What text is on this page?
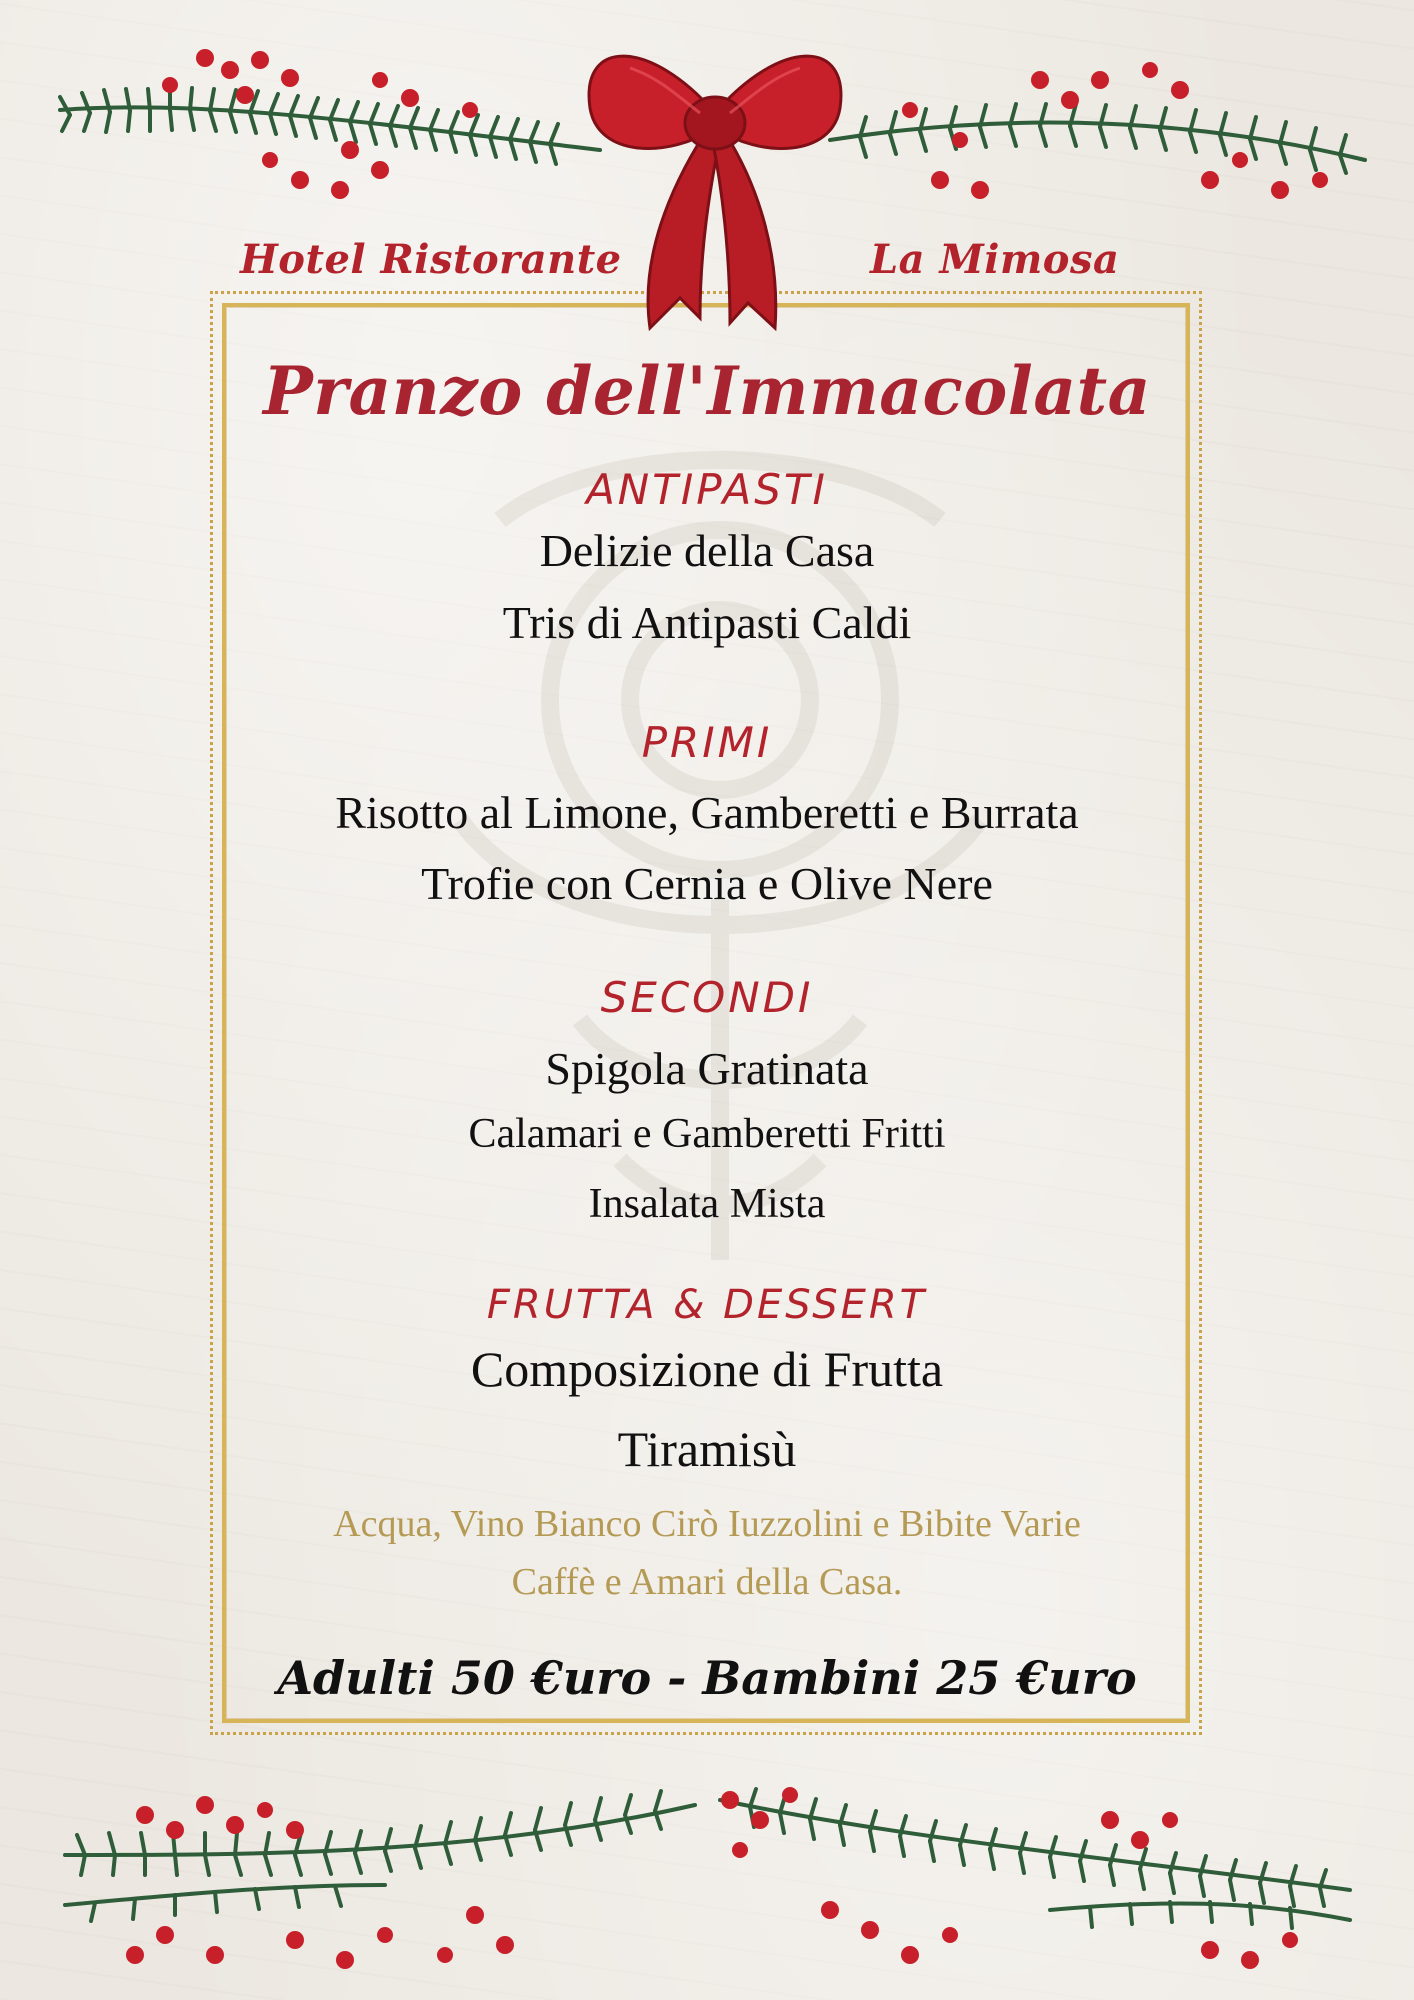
Hotel Ristorante	La Mimosa
Pranzo dell'Immacolata
ANTIPASTI
Delizie della Casa
Tris di Antipasti Caldi
PRIMI
Risotto al Limone, Gamberetti e Burrata
Trofie con Cernia e Olive Nere
SECONDI
Spigola Gratinata
Calamari e Gamberetti Fritti
Insalata Mista
FRUTTA & DESSERT
Composizione di Frutta
Tiramisù
Acqua, Vino Bianco Cirò Iuzzolini e Bibite Varie
Caffè e Amari della Casa.
Adulti 50 €uro - Bambini 25 €uro
